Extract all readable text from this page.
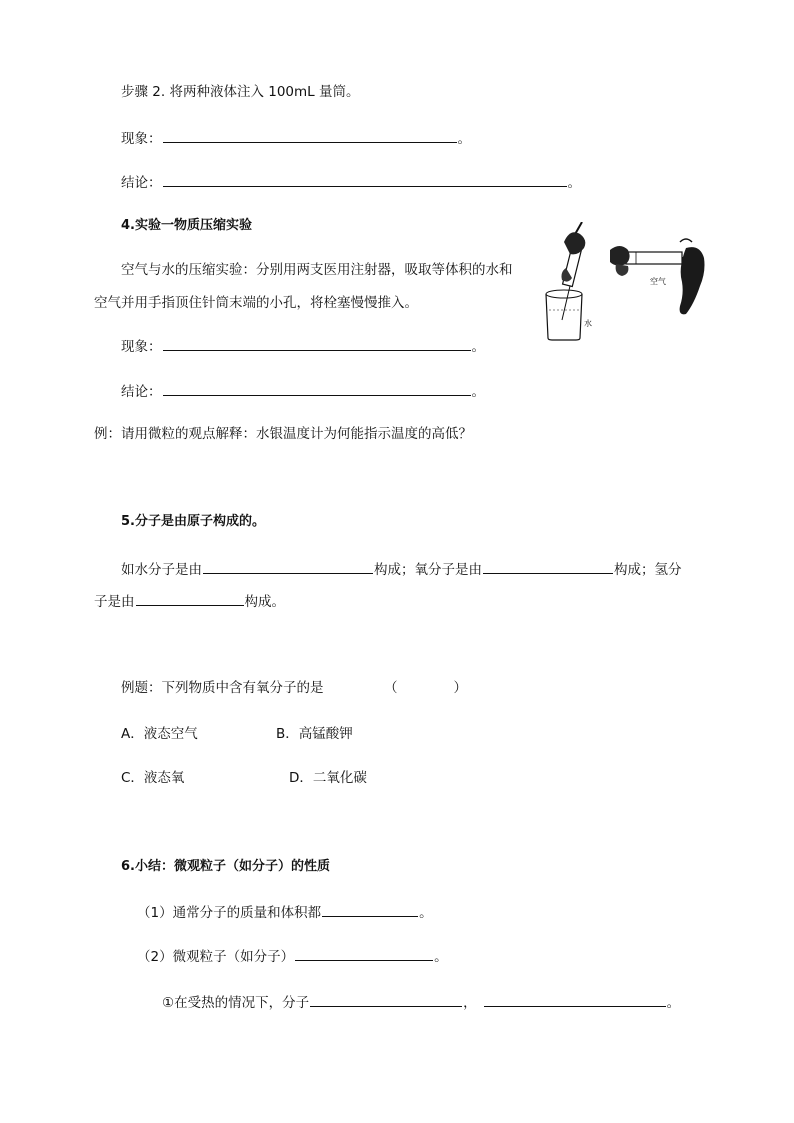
步骤 2. 将两种液体注入 100mL 量筒。
现象：	。
结论：	。
4.实验一物质压缩实验
空气与水的压缩实验：分别用两支医用注射器，吸取等体积的水和
空气并用手指顶住针筒末端的小孔，将栓塞慢慢推入。
现象：	。
结论：	。
水
空气
例：请用微粒的观点解释：水银温度计为何能指示温度的高低？
5.分子是由原子构成的。
如水分子是由	构成；氧分子是由	构成；氢分
子是由	构成。
例题：下列物质中含有氧分子的是	（	）
A．液态空气	B．高锰酸钾
C．液态氧	D．二氧化碳
6.小结：微观粒子（如分子）的性质
（1）通常分子的质量和体积都	。
（2）微观粒子（如分子）	。
①在受热的情况下，分子	，	。
